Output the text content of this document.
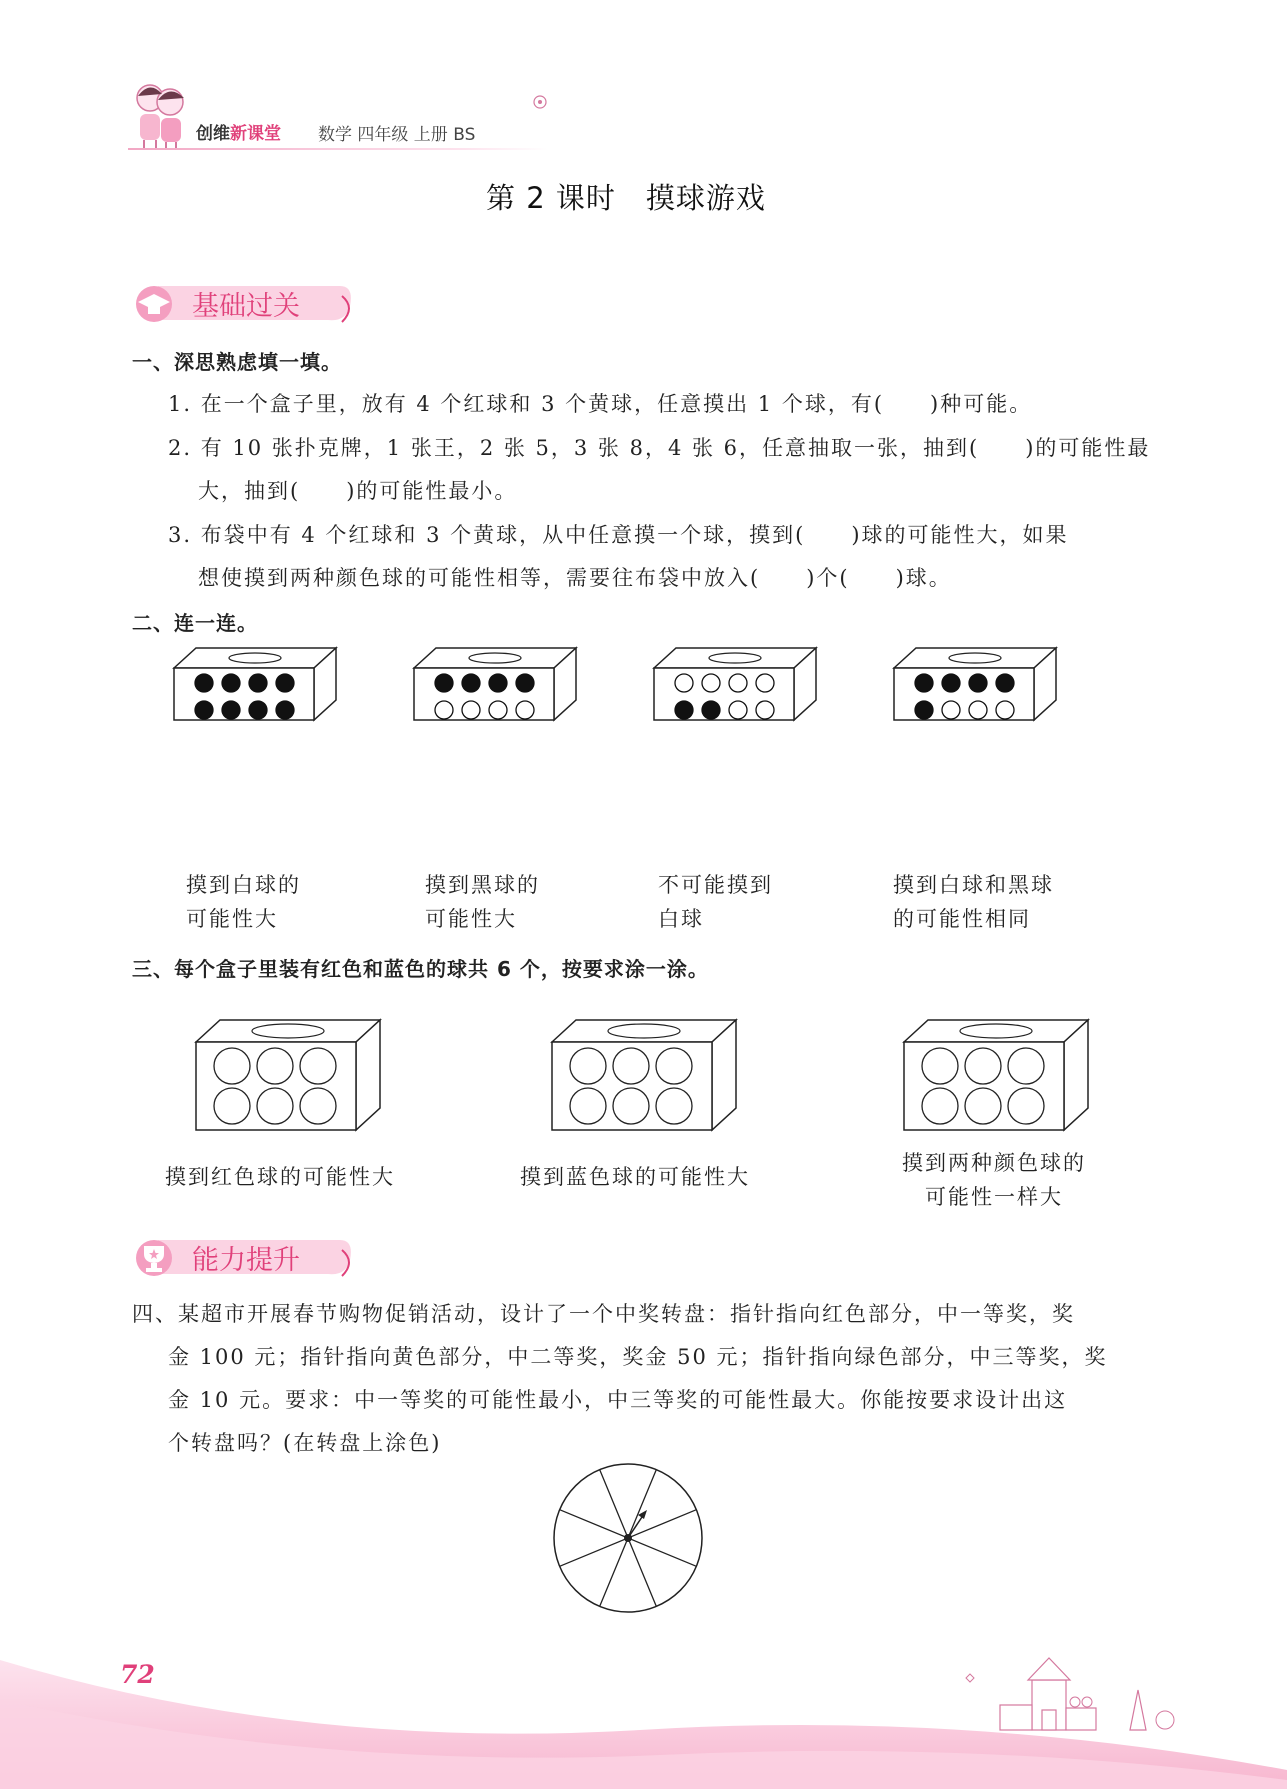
创维新课堂 数学 四年级 上册 BS
第 2 课时　摸球游戏
基础过关
一、深思熟虑填一填。
1. 在一个盒子里，放有 4 个红球和 3 个黄球，任意摸出 1 个球，有(　　)种可能。
2. 有 10 张扑克牌，1 张王，2 张 5，3 张 8，4 张 6，任意抽取一张，抽到(　　)的可能性最
大，抽到(　　)的可能性最小。
3. 布袋中有 4 个红球和 3 个黄球，从中任意摸一个球，摸到(　　)球的可能性大，如果
想使摸到两种颜色球的可能性相等，需要往布袋中放入(　　)个(　　)球。
二、连一连。
摸到白球的
可能性大
摸到黑球的
可能性大
不可能摸到
白球
摸到白球和黑球
的可能性相同
三、每个盒子里装有红色和蓝色的球共 6 个，按要求涂一涂。
摸到红色球的可能性大	摸到蓝色球的可能性大
摸到两种颜色球的
可能性一样大
能力提升
四、某超市开展春节购物促销活动，设计了一个中奖转盘：指针指向红色部分，中一等奖，奖
金 100 元；指针指向黄色部分，中二等奖，奖金 50 元；指针指向绿色部分，中三等奖，奖
金 10 元。要求：中一等奖的可能性最小，中三等奖的可能性最大。你能按要求设计出这
个转盘吗？(在转盘上涂色)
72
